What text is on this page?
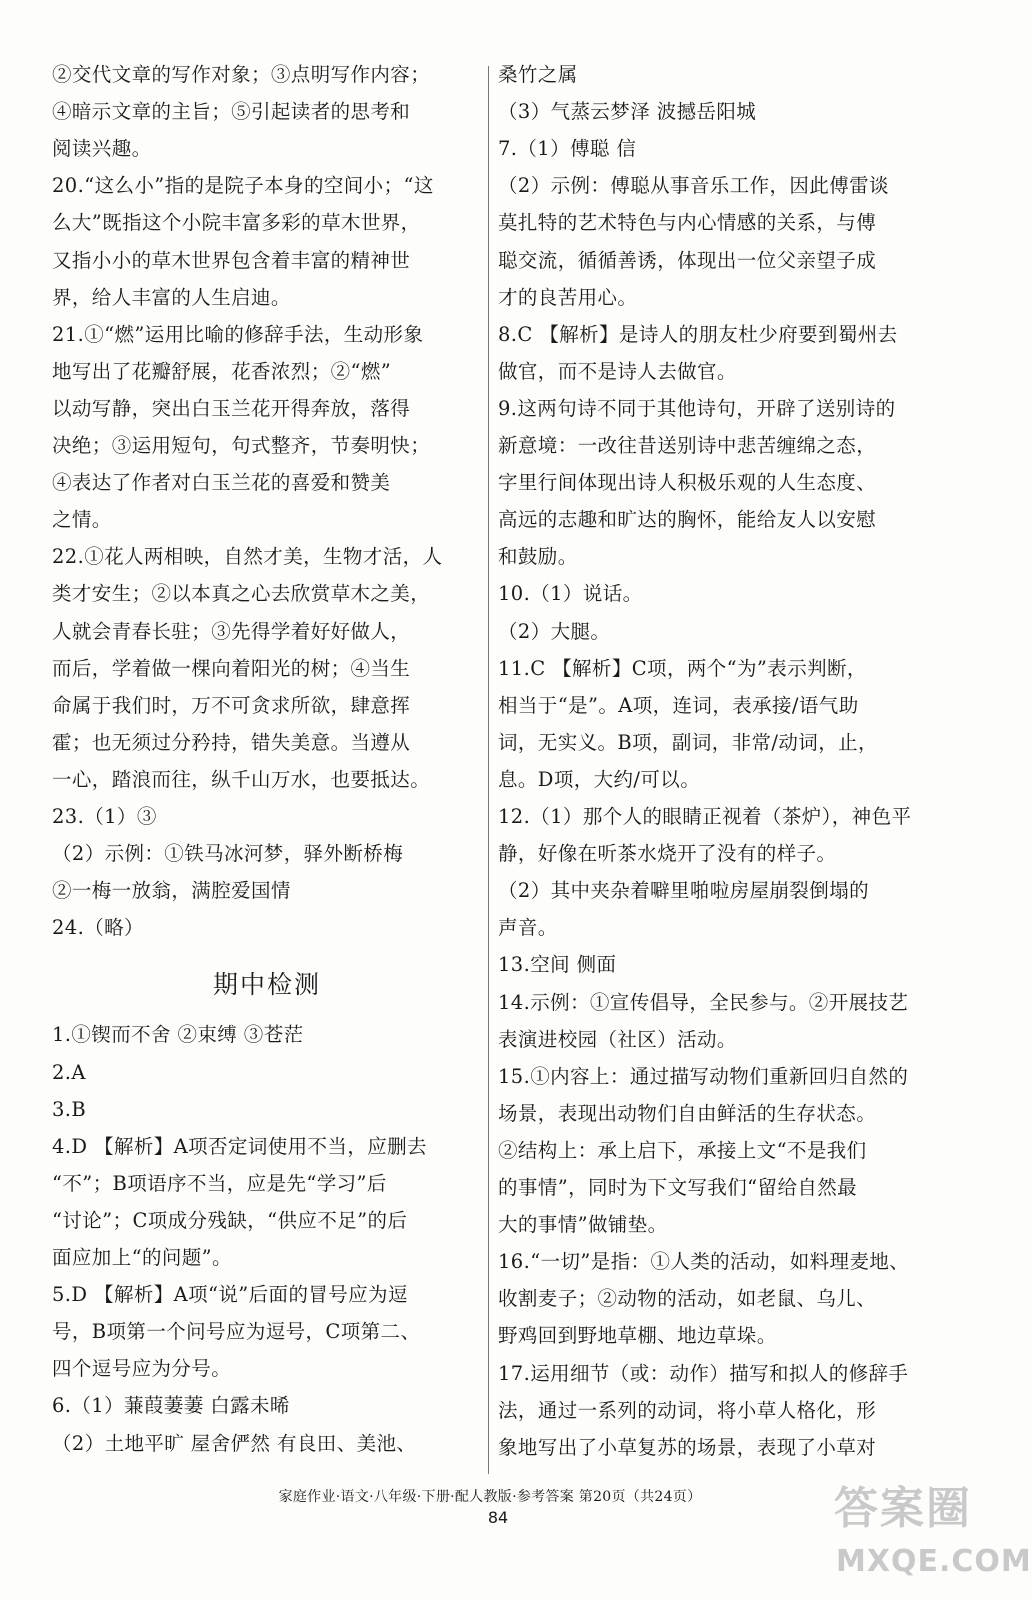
②交代文章的写作对象；③点明写作内容；
④暗示文章的主旨；⑤引起读者的思考和
阅读兴趣。
20.“这么小”指的是院子本身的空间小；“这
么大”既指这个小院丰富多彩的草木世界，
又指小小的草木世界包含着丰富的精神世
界，给人丰富的人生启迪。
21.①“燃”运用比喻的修辞手法，生动形象
地写出了花瓣舒展，花香浓烈；②“燃”
以动写静，突出白玉兰花开得奔放，落得
决绝；③运用短句，句式整齐，节奏明快；
④表达了作者对白玉兰花的喜爱和赞美
之情。
22.①花人两相映，自然才美，生物才活，人
类才安生；②以本真之心去欣赏草木之美，
人就会青春长驻；③先得学着好好做人，
而后，学着做一棵向着阳光的树；④当生
命属于我们时，万不可贪求所欲，肆意挥
霍；也无须过分矜持，错失美意。当遵从
一心，踏浪而往，纵千山万水，也要抵达。
23.（1）③
（2）示例：①铁马冰河梦，驿外断桥梅
②一梅一放翁，满腔爱国情
24.（略）
期中检测
1.①锲而不舍 ②束缚 ③苍茫
2.A
3.B
4.D 【解析】A项否定词使用不当，应删去
“不”；B项语序不当，应是先“学习”后
“讨论”；C项成分残缺，“供应不足”的后
面应加上“的问题”。
5.D 【解析】A项“说”后面的冒号应为逗
号，B项第一个问号应为逗号，C项第二、
四个逗号应为分号。
6.（1）蒹葭萋萋 白露未晞
（2）土地平旷 屋舍俨然 有良田、美池、
桑竹之属
（3）气蒸云梦泽 波撼岳阳城
7.（1）傅聪 信
（2）示例：傅聪从事音乐工作，因此傅雷谈
莫扎特的艺术特色与内心情感的关系，与傅
聪交流，循循善诱，体现出一位父亲望子成
才的良苦用心。
8.C 【解析】是诗人的朋友杜少府要到蜀州去
做官，而不是诗人去做官。
9.这两句诗不同于其他诗句，开辟了送别诗的
新意境：一改往昔送别诗中悲苦缠绵之态，
字里行间体现出诗人积极乐观的人生态度、
高远的志趣和旷达的胸怀，能给友人以安慰
和鼓励。
10.（1）说话。
（2）大腿。
11.C 【解析】C项，两个“为”表示判断，
相当于“是”。A项，连词，表承接/语气助
词，无实义。B项，副词，非常/动词，止，
息。D项，大约/可以。
12.（1）那个人的眼睛正视着（茶炉），神色平
静，好像在听茶水烧开了没有的样子。
（2）其中夹杂着噼里啪啦房屋崩裂倒塌的
声音。
13.空间 侧面
14.示例：①宣传倡导，全民参与。②开展技艺
表演进校园（社区）活动。
15.①内容上：通过描写动物们重新回归自然的
场景，表现出动物们自由鲜活的生存状态。
②结构上：承上启下，承接上文“不是我们
的事情”，同时为下文写我们“留给自然最
大的事情”做铺垫。
16.“一切”是指：①人类的活动，如料理麦地、
收割麦子；②动物的活动，如老鼠、乌儿、
野鸡回到野地草棚、地边草垛。
17.运用细节（或：动作）描写和拟人的修辞手
法，通过一系列的动词，将小草人格化，形
象地写出了小草复苏的场景，表现了小草对
家庭作业·语文·八年级·下册·配人教版·参考答案 第20页（共24页）
84	答案圈
MXQE.COM
